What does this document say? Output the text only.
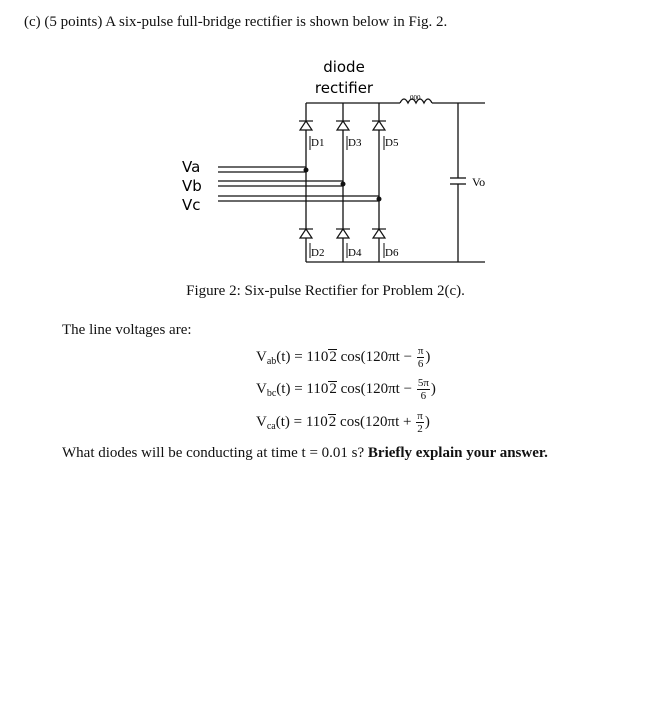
(c) (5 points) A six-pulse full-bridge rectifier is shown below in Fig. 2.
diode
rectifier
000
D1 D3 D5
D2 D4 D6
Va
Vb
Vc
Vo
Figure 2: Six-pulse Rectifier for Problem 2(c).
The line voltages are:
$V_{ab}(t) = 1102$ $\cos(120\pi t - \frac{\pi}{6}$ )
$V_{bc}(t) = 1102$ $\cos(120\pi t - \frac{5\pi}{6}$ )
$V_{ca}(t) = 1102$ $\cos(120\pi t + \frac{\pi}{2}$ )
What diodes will be conducting at time t = 0.01 s? Briefly explain your answer.
